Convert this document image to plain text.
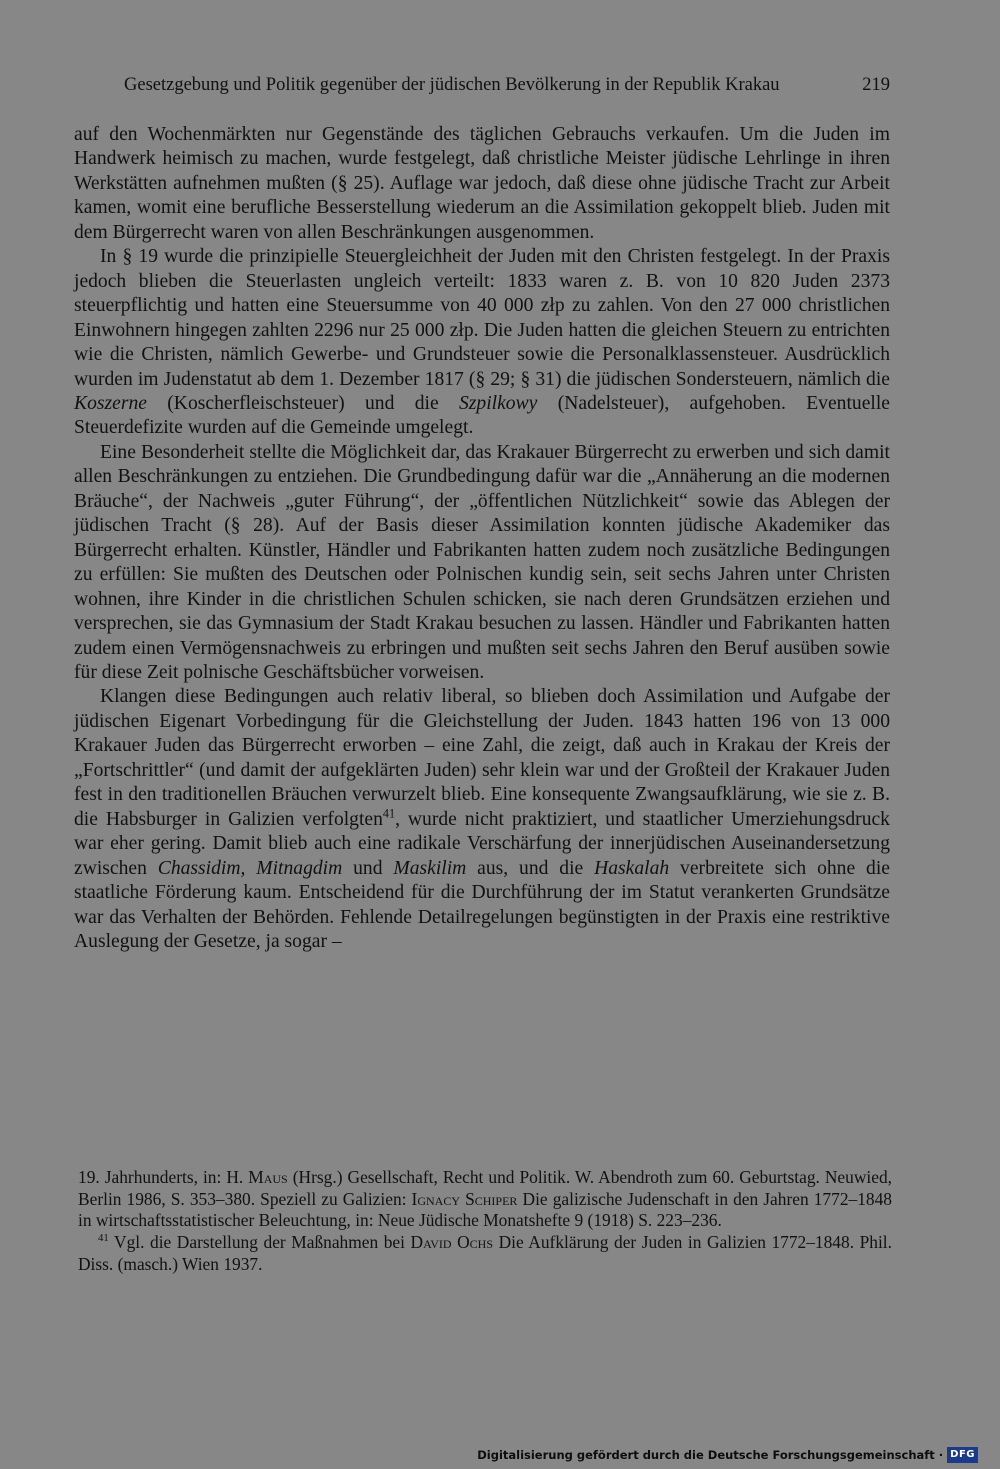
Gesetzgebung und Politik gegenüber der jüdischen Bevölkerung in der Republik Krakau	219

auf den Wochenmärkten nur Gegenstände des täglichen Gebrauchs verkaufen. Um die Juden im Handwerk heimisch zu machen, wurde festgelegt, daß christliche Meister jüdische Lehrlinge in ihren Werkstätten aufnehmen mußten (§ 25). Auflage war jedoch, daß diese ohne jüdische Tracht zur Arbeit kamen, womit eine berufliche Besserstellung wiederum an die Assimilation gekoppelt blieb. Juden mit dem Bürgerrecht waren von allen Beschränkungen ausgenommen.

In § 19 wurde die prinzipielle Steuergleichheit der Juden mit den Christen festgelegt. In der Praxis jedoch blieben die Steuerlasten ungleich verteilt: 1833 waren z. B. von 10 820 Juden 2373 steuerpflichtig und hatten eine Steuersumme von 40 000 złp zu zahlen. Von den 27 000 christlichen Einwohnern hingegen zahlten 2296 nur 25 000 złp. Die Juden hatten die gleichen Steuern zu entrichten wie die Christen, nämlich Gewerbe- und Grundsteuer sowie die Personalklassensteuer. Ausdrücklich wurden im Judenstatut ab dem 1. Dezember 1817 (§ 29; § 31) die jüdischen Sondersteuern, nämlich die Koszerne (Koscherfleischsteuer) und die Szpilkowy (Nadelsteuer), aufgehoben. Eventuelle Steuerdefizite wurden auf die Gemeinde umgelegt.

Eine Besonderheit stellte die Möglichkeit dar, das Krakauer Bürgerrecht zu erwerben und sich damit allen Beschränkungen zu entziehen. Die Grundbedingung dafür war die „Annäherung an die modernen Bräuche“, der Nachweis „guter Führung“, der „öffentlichen Nützlichkeit“ sowie das Ablegen der jüdischen Tracht (§ 28). Auf der Basis dieser Assimilation konnten jüdische Akademiker das Bürgerrecht erhalten. Künstler, Händler und Fabrikanten hatten zudem noch zusätzliche Bedingungen zu erfüllen: Sie mußten des Deutschen oder Polnischen kundig sein, seit sechs Jahren unter Christen wohnen, ihre Kinder in die christlichen Schulen schicken, sie nach deren Grundsätzen erziehen und versprechen, sie das Gymnasium der Stadt Krakau besuchen zu lassen. Händler und Fabrikanten hatten zudem einen Vermögensnachweis zu erbringen und mußten seit sechs Jahren den Beruf ausüben sowie für diese Zeit polnische Geschäftsbücher vorweisen.

Klangen diese Bedingungen auch relativ liberal, so blieben doch Assimilation und Aufgabe der jüdischen Eigenart Vorbedingung für die Gleichstellung der Juden. 1843 hatten 196 von 13 000 Krakauer Juden das Bürgerrecht erworben – eine Zahl, die zeigt, daß auch in Krakau der Kreis der „Fortschrittler“ (und damit der aufgeklärten Juden) sehr klein war und der Großteil der Krakauer Juden fest in den traditionellen Bräuchen verwurzelt blieb. Eine konsequente Zwangsaufklärung, wie sie z. B. die Habsburger in Galizien verfolgten$^{41}$, wurde nicht praktiziert, und staatlicher Umerziehungsdruck war eher gering. Damit blieb auch eine radikale Verschärfung der innerjüdischen Auseinandersetzung zwischen Chassidim, Mitnagdim und Maskilim aus, und die Haskalah verbreitete sich ohne die staatliche Förderung kaum. Entscheidend für die Durchführung der im Statut verankerten Grundsätze war das Verhalten der Behörden. Fehlende Detailregelungen begünstigten in der Praxis eine restriktive Auslegung der Gesetze, ja sogar –

19. Jahrhunderts, in: H. Maus (Hrsg.) Gesellschaft, Recht und Politik. W. Abendroth zum 60. Geburtstag. Neuwied, Berlin 1986, S. 353–380. Speziell zu Galizien: Ignacy Schiper Die galizische Judenschaft in den Jahren 1772–1848 in wirtschaftsstatistischer Beleuchtung, in: Neue Jüdische Monatshefte 9 (1918) S. 223–236.

$^{41}$ Vgl. die Darstellung der Maßnahmen bei David Ochs Die Aufklärung der Juden in Galizien 1772–1848. Phil. Diss. (masch.) Wien 1937.

Digitalisierung gefördert durch die Deutsche Forschungsgemeinschaft · DFG
